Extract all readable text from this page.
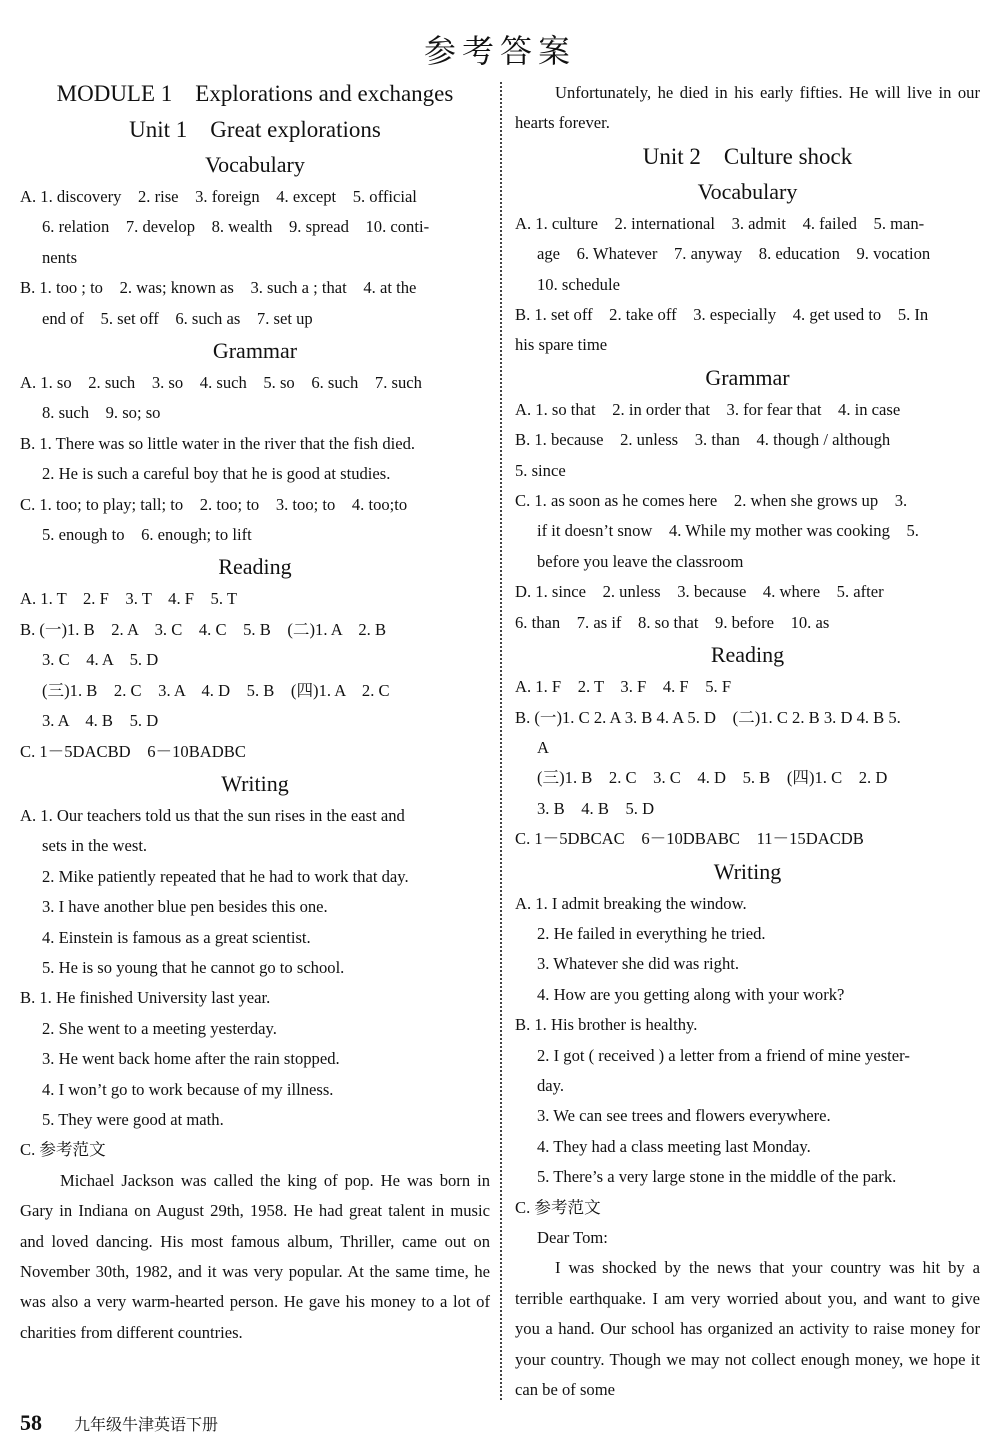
参考答案
MODULE 1　Explorations and exchanges
Unit 1　Great explorations
Vocabulary

A. 1. discovery　2. rise　3. foreign　4. except　5. official

6. relation　7. develop　8. wealth　9. spread　10. conti-

nents

B. 1. too ; to　2. was; known as　3. such a ; that　4. at the

end of　5. set off　6. such as　7. set up

Grammar

A. 1. so　2. such　3. so　4. such　5. so　6. such　7. such

8. such　9. so; so

B. 1. There was so little water in the river that the fish died.

2. He is such a careful boy that he is good at studies.

C. 1. too; to play; tall; to　2. too; to　3. too; to　4. too;to

5. enough to　6. enough; to lift

Reading

A. 1. T　2. F　3. T　4. F　5. T

B. (一)1. B　2. A　3. C　4. C　5. B　(二)1. A　2. B

3. C　4. A　5. D

(三)1. B　2. C　3. A　4. D　5. B　(四)1. A　2. C

3. A　4. B　5. D

C. 1－5DACBD　6－10BADBC

Writing

A. 1. Our teachers told us that the sun rises in the east and

sets in the west.

2. Mike patiently repeated that he had to work that day.

3. I have another blue pen besides this one.

4. Einstein is famous as a great scientist.

5. He is so young that he cannot go to school.

B. 1. He finished University last year.

2. She went to a meeting yesterday.

3. He went back home after the rain stopped.

4. I won’t go to work because of my illness.

5. They were good at math.

C. 参考范文

Michael Jackson was called the king of pop. He was born in Gary in Indiana on August 29th, 1958. He had great talent in music and loved dancing. His most famous album, Thriller, came out on November 30th, 1982, and it was very popular. At the same time, he was also a very warm-hearted person. He gave his money to a lot of charities from different countries.

Unfortunately, he died in his early fifties. He will live in our hearts forever.

Unit 2　Culture shock
Vocabulary

A. 1. culture　2. international　3. admit　4. failed　5. man-

age　6. Whatever　7. anyway　8. education　9. vocation

10. schedule

B. 1. set off　2. take off　3. especially　4. get used to　5. In

his spare time

Grammar

A. 1. so that　2. in order that　3. for fear that　4. in case

B. 1. because　2. unless　3. than　4. though / although

5. since

C. 1. as soon as he comes here　2. when she grows up　3.

if it doesn’t snow　4. While my mother was cooking　5.

before you leave the classroom

D. 1. since　2. unless　3. because　4. where　5. after

6. than　7. as if　8. so that　9. before　10. as

Reading

A. 1. F　2. T　3. F　4. F　5. F

B. (一)1. C 2. A 3. B 4. A 5. D　(二)1. C 2. B 3. D 4. B 5.

A

(三)1. B　2. C　3. C　4. D　5. B　(四)1. C　2. D

3. B　4. B　5. D

C. 1－5DBCAC　6－10DBABC　11－15DACDB

Writing

A. 1. I admit breaking the window.

2. He failed in everything he tried.

3. Whatever she did was right.

4. How are you getting along with your work?

B. 1. His brother is healthy.

2. I got ( received ) a letter from a friend of mine yester-

day.

3. We can see trees and flowers everywhere.

4. They had a class meeting last Monday.

5. There’s a very large stone in the middle of the park.

C. 参考范文

Dear Tom:

I was shocked by the news that your country was hit by a terrible earthquake. I am very worried about you, and want to give you a hand. Our school has organized an activity to raise money for your country. Though we may not collect enough money, we hope it can be of some

58 九年级牛津英语下册
